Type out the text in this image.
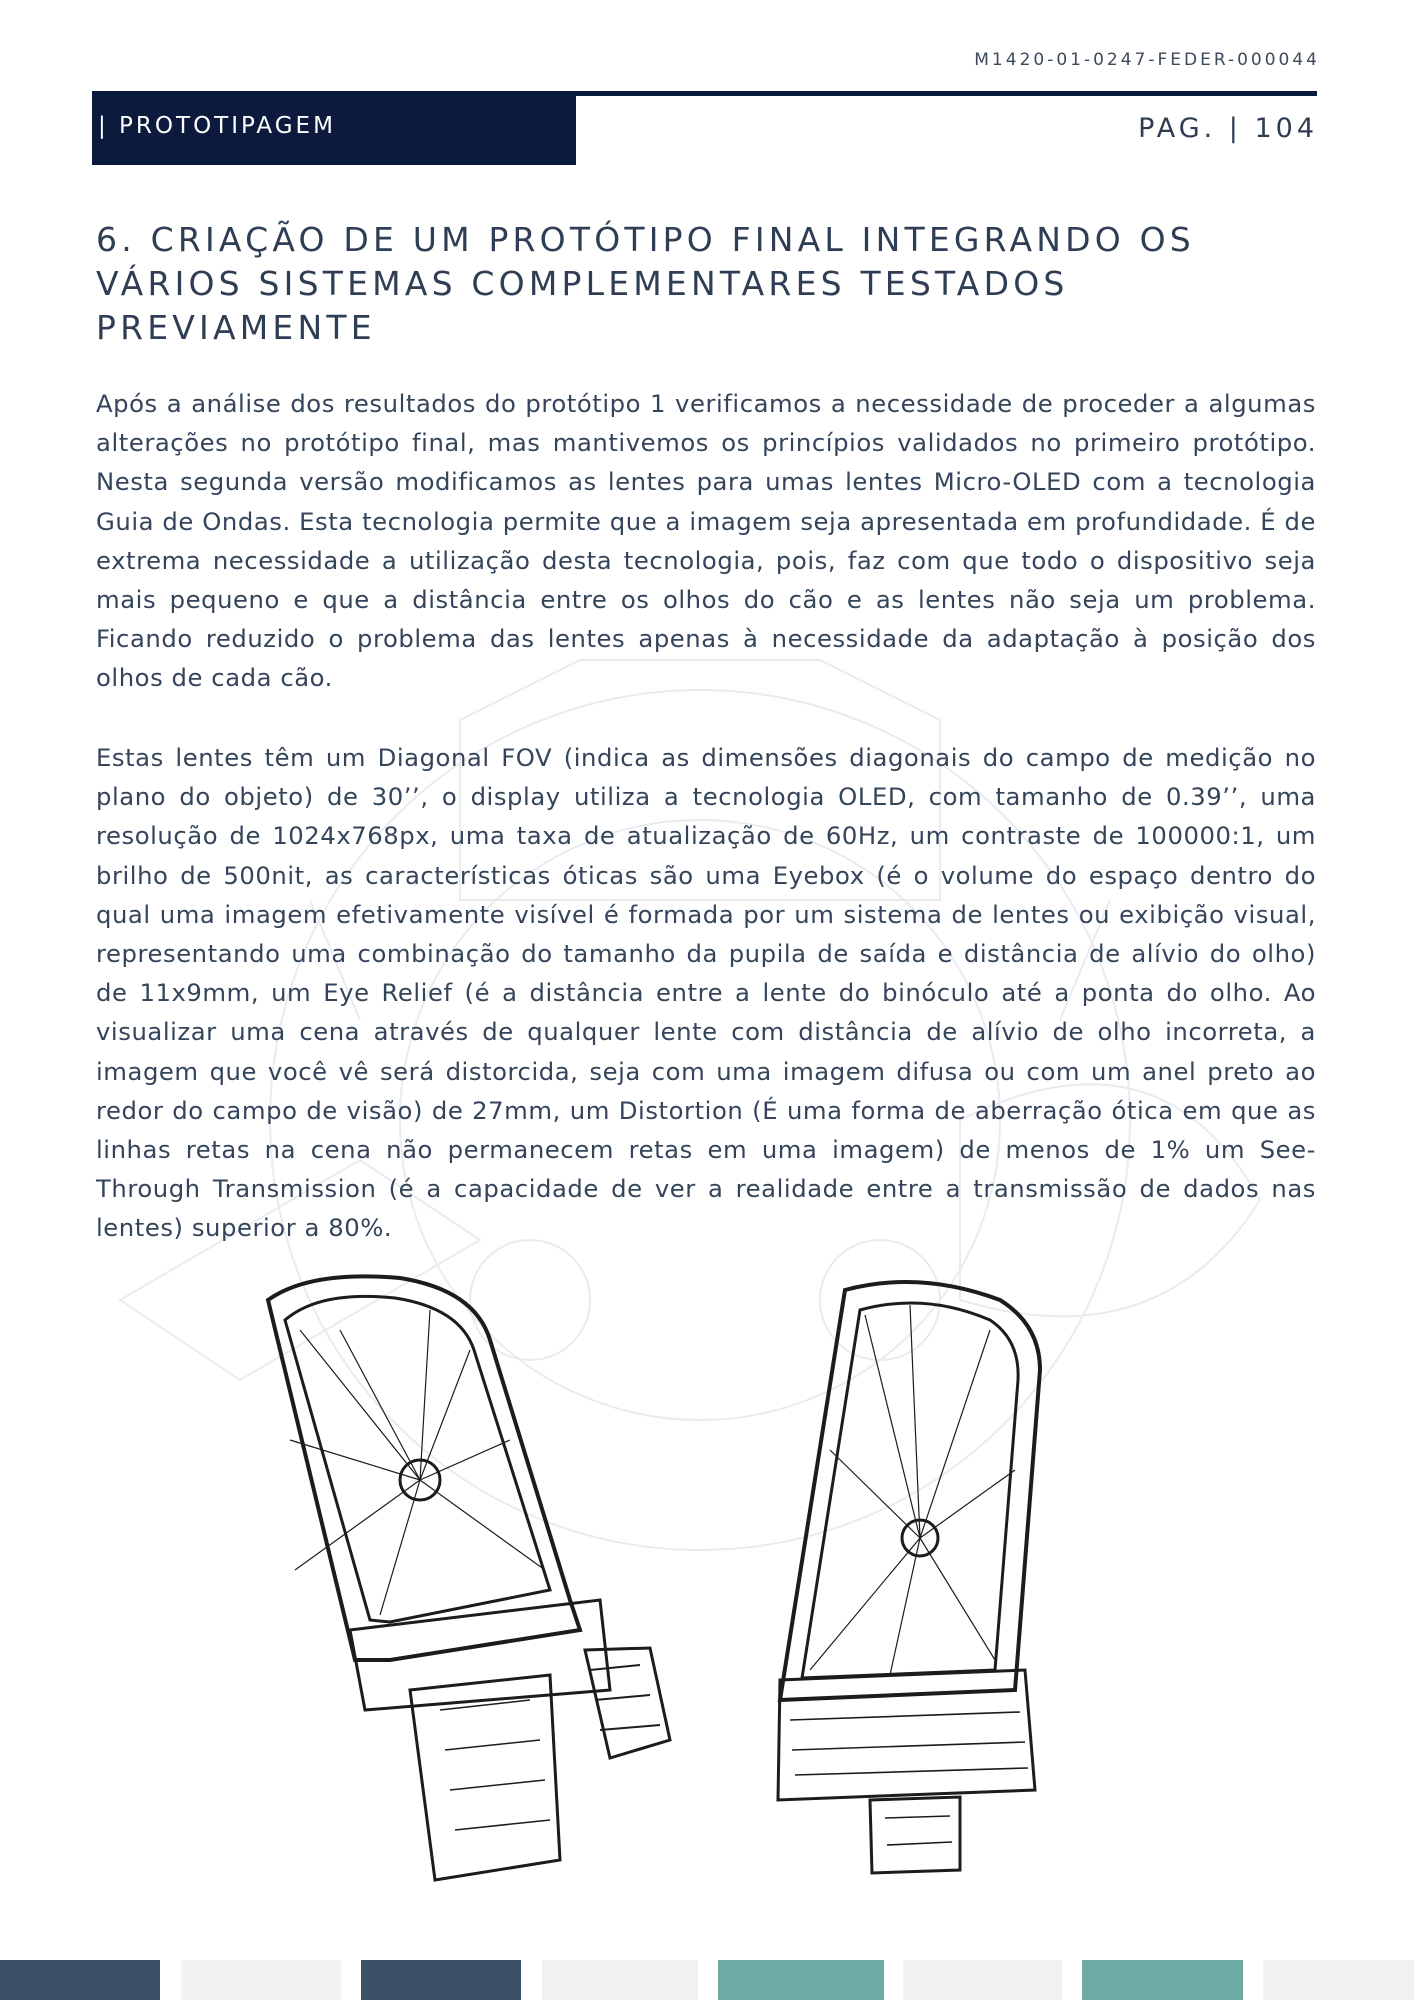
M1420-01-0247-FEDER-000044
| PROTOTIPAGEM	PAG. | 104
6. CRIAÇÃO DE UM PROTÓTIPO FINAL INTEGRANDO OS VÁRIOS SISTEMAS COMPLEMENTARES TESTADOS PREVIAMENTE

Após a análise dos resultados do protótipo 1 verificamos a necessidade de proceder a algumas alterações no protótipo final, mas mantivemos os princípios validados no primeiro protótipo. Nesta segunda versão modificamos as lentes para umas lentes Micro-OLED com a tecnologia Guia de Ondas. Esta tecnologia permite que a imagem seja apresentada em profundidade. É de extrema necessidade a utilização desta tecnologia, pois, faz com que todo o dispositivo seja mais pequeno e que a distância entre os olhos do cão e as lentes não seja um problema. Ficando reduzido o problema das lentes apenas à necessidade da adaptação à posição dos olhos de cada cão.

Estas lentes têm um Diagonal FOV (indica as dimensões diagonais do campo de medição no plano do objeto) de 30’’, o display utiliza a tecnologia OLED, com tamanho de 0.39’’, uma resolução de 1024x768px, uma taxa de atualização de 60Hz, um contraste de 100000:1, um brilho de 500nit, as características óticas são uma Eyebox (é o volume do espaço dentro do qual uma imagem efetivamente visível é formada por um sistema de lentes ou exibição visual, representando uma combinação do tamanho da pupila de saída e distância de alívio do olho) de 11x9mm, um Eye Relief (é a distância entre a lente do binóculo até a ponta do olho. Ao visualizar uma cena através de qualquer lente com distância de alívio de olho incorreta, a imagem que você vê será distorcida, seja com uma imagem difusa ou com um anel preto ao redor do campo de visão) de 27mm, um Distortion (É uma forma de aberração ótica em que as linhas retas na cena não permanecem retas em uma imagem) de menos de 1% um See-Through Transmission (é a capacidade de ver a realidade entre a transmissão de dados nas lentes) superior a 80%.
